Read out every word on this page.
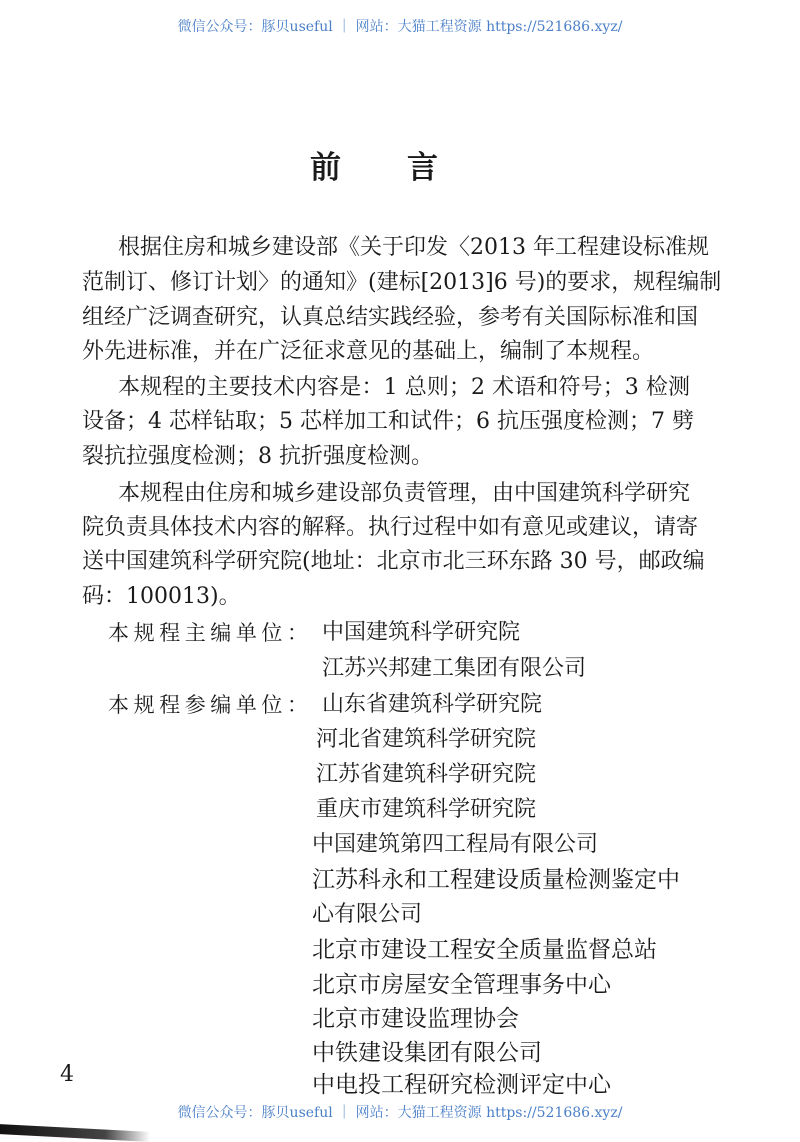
微信公众号：豚贝useful ｜ 网站：大猫工程资源 https://521686.xyz/
前言
根据住房和城乡建设部《关于印发〈2013 年工程建设标准规
范制订、修订计划〉的通知》(建标[2013]6 号)的要求，规程编制
组经广泛调查研究，认真总结实践经验，参考有关国际标准和国
外先进标准，并在广泛征求意见的基础上，编制了本规程。
本规程的主要技术内容是：1 总则；2 术语和符号；3 检测
设备；4 芯样钻取；5 芯样加工和试件；6 抗压强度检测；7 劈
裂抗拉强度检测；8 抗折强度检测。
本规程由住房和城乡建设部负责管理，由中国建筑科学研究
院负责具体技术内容的解释。执行过程中如有意见或建议，请寄
送中国建筑科学研究院(地址：北京市北三环东路 30 号，邮政编
码：100013)。
本规程主编单位： 中国建筑科学研究院
江苏兴邦建工集团有限公司
本规程参编单位： 山东省建筑科学研究院
河北省建筑科学研究院
江苏省建筑科学研究院
重庆市建筑科学研究院
中国建筑第四工程局有限公司
江苏科永和工程建设质量检测鉴定中
心有限公司
北京市建设工程安全质量监督总站
北京市房屋安全管理事务中心
北京市建设监理协会
中铁建设集团有限公司
中电投工程研究检测评定中心
4
微信公众号：豚贝useful ｜ 网站：大猫工程资源 https://521686.xyz/
